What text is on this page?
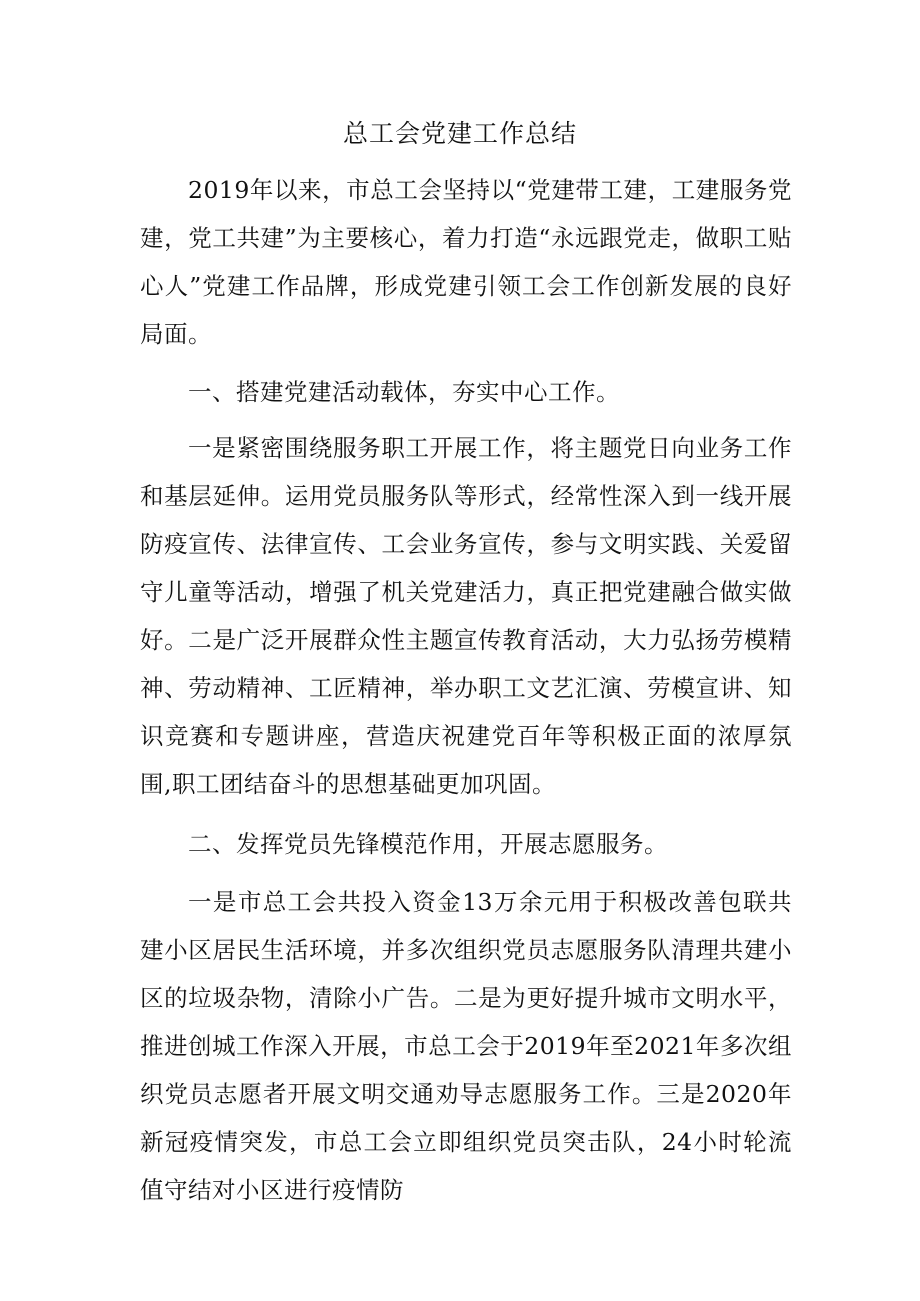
总工会党建工作总结

2019年以来，市总工会坚持以“党建带工建，工建服务党建，党工共建”为主要核心，着力打造“永远跟党走，做职工贴心人”党建工作品牌，形成党建引领工会工作创新发展的良好局面。

一、搭建党建活动载体，夯实中心工作。

一是紧密围绕服务职工开展工作，将主题党日向业务工作和基层延伸。运用党员服务队等形式，经常性深入到一线开展防疫宣传、法律宣传、工会业务宣传，参与文明实践、关爱留守儿童等活动，增强了机关党建活力，真正把党建融合做实做好。二是广泛开展群众性主题宣传教育活动，大力弘扬劳模精神、劳动精神、工匠精神，举办职工文艺汇演、劳模宣讲、知识竞赛和专题讲座，营造庆祝建党百年等积极正面的浓厚氛围,职工团结奋斗的思想基础更加巩固。

二、发挥党员先锋模范作用，开展志愿服务。

一是市总工会共投入资金13万余元用于积极改善包联共建小区居民生活环境，并多次组织党员志愿服务队清理共建小区的垃圾杂物，清除小广告。二是为更好提升城市文明水平，推进创城工作深入开展，市总工会于2019年至2021年多次组织党员志愿者开展文明交通劝导志愿服务工作。三是2020年新冠疫情突发，市总工会立即组织党员突击队，24小时轮流值守结对小区进行疫情防
